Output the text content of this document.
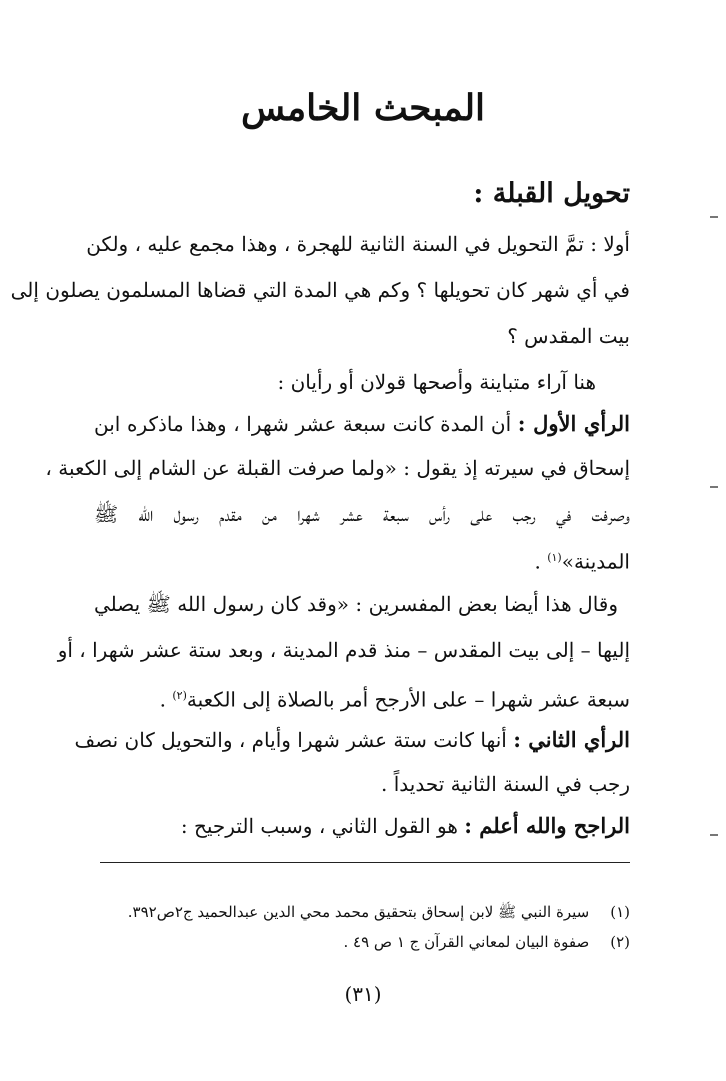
المبحث الخامس
تحويل القبلة :
أولا : تمَّ التحويل في السنة الثانية للهجرة ، وهذا مجمع عليه ، ولكن
في أي شهر كان تحويلها ؟ وكم هي المدة التي قضاها المسلمون يصلون إلى
بيت المقدس ؟
هنا آراء متباينة وأصحها قولان أو رأيان :
الرأي الأول : أن المدة كانت سبعة عشر شهرا ، وهذا ماذكره ابن
إسحاق في سيرته إذ يقول : «ولما صرفت القبلة عن الشام إلى الكعبة ،
وصرفت في رجب على رأس سبعة عشر شهرا من مقدم رسول الله ﷺ
المدينة»$^{(١)}$ .
وقال هذا أيضا بعض المفسرين : «وقد كان رسول الله ﷺ يصلي
إليها – إلى بيت المقدس – منذ قدم المدينة ، وبعد ستة عشر شهرا ، أو
سبعة عشر شهرا – على الأرجح أمر بالصلاة إلى الكعبة$^{(٢)}$ .
الرأي الثاني : أنها كانت ستة عشر شهرا وأيام ، والتحويل كان نصف
رجب في السنة الثانية تحديداً .
الراجح والله أعلم : هو القول الثاني ، وسبب الترجيح :
(١) سيرة النبي ﷺ لابن إسحاق بتحقيق محمد محي الدين عبدالحميد ج٢ص٣٩٢.
(٢) صفوة البيان لمعاني القرآن ج ١ ص ٤٩ .
(٣١)
